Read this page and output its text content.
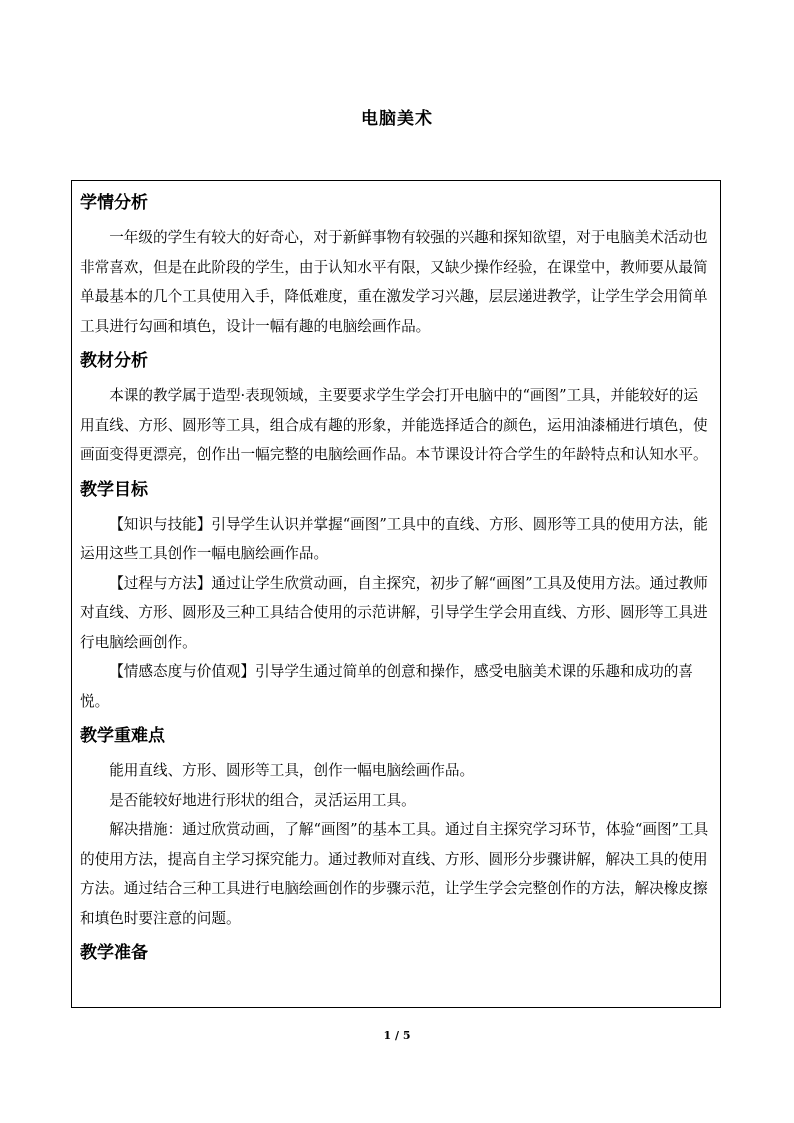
电脑美术
学情分析
一年级的学生有较大的好奇心，对于新鲜事物有较强的兴趣和探知欲望，对于电脑美术活动也非常喜欢，但是在此阶段的学生，由于认知水平有限，又缺少操作经验，在课堂中，教师要从最简单最基本的几个工具使用入手，降低难度，重在激发学习兴趣，层层递进教学，让学生学会用简单工具进行勾画和填色，设计一幅有趣的电脑绘画作品。
教材分析
本课的教学属于造型·表现领域，主要要求学生学会打开电脑中的“画图”工具，并能较好的运用直线、方形、圆形等工具，组合成有趣的形象，并能选择适合的颜色，运用油漆桶进行填色，使画面变得更漂亮，创作出一幅完整的电脑绘画作品。本节课设计符合学生的年龄特点和认知水平。
教学目标
【知识与技能】引导学生认识并掌握“画图”工具中的直线、方形、圆形等工具的使用方法，能运用这些工具创作一幅电脑绘画作品。
【过程与方法】通过让学生欣赏动画，自主探究，初步了解“画图”工具及使用方法。通过教师对直线、方形、圆形及三种工具结合使用的示范讲解，引导学生学会用直线、方形、圆形等工具进行电脑绘画创作。
【情感态度与价值观】引导学生通过简单的创意和操作，感受电脑美术课的乐趣和成功的喜悦。
教学重难点
能用直线、方形、圆形等工具，创作一幅电脑绘画作品。
是否能较好地进行形状的组合，灵活运用工具。
解决措施：通过欣赏动画，了解“画图”的基本工具。通过自主探究学习环节，体验“画图”工具的使用方法，提高自主学习探究能力。通过教师对直线、方形、圆形分步骤讲解，解决工具的使用方法。通过结合三种工具进行电脑绘画创作的步骤示范，让学生学会完整创作的方法，解决橡皮擦和填色时要注意的问题。
教学准备
1 / 5
